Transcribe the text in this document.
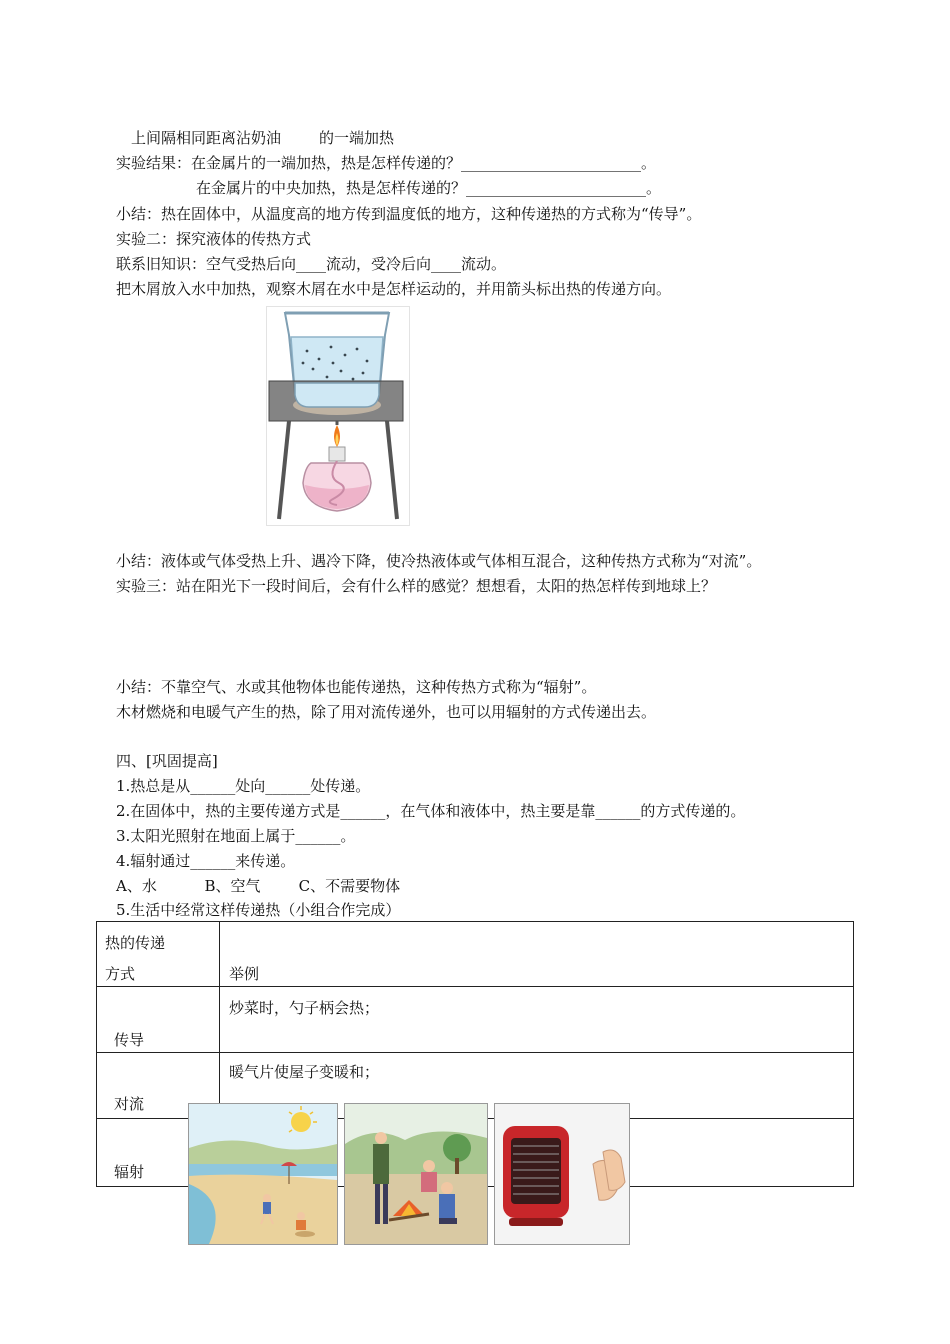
上间隔相同距离沾奶油	的一端加热
实验结果：在金属片的一端加热，热是怎样传递的？________________________。
在金属片的中央加热，热是怎样传递的？________________________。
小结：热在固体中，从温度高的地方传到温度低的地方，这种传递热的方式称为“传导”。
实验二：探究液体的传热方式
联系旧知识：空气受热后向____流动，受冷后向____流动。
把木屑放入水中加热，观察木屑在水中是怎样运动的，并用箭头标出热的传递方向。
小结：液体或气体受热上升、遇冷下降，使冷热液体或气体相互混合，这种传热方式称为“对流”。
实验三：站在阳光下一段时间后，会有什么样的感觉？想想看，太阳的热怎样传到地球上？
小结：不靠空气、水或其他物体也能传递热，这种传热方式称为“辐射”。
木材燃烧和电暖气产生的热，除了用对流传递外，也可以用辐射的方式传递出去。
四、[巩固提高]
1.热总是从______处向______处传递。
2.在固体中，热的主要传递方式是______，在气体和液体中，热主要是靠______的方式传递的。
3.太阳光照射在地面上属于______。
4.辐射通过______来传递。
A、水          B、空气        C、不需要物体
5.生活中经常这样传递热（小组合作完成）
热的传递
方式	举例

传导	炒菜时，勺子柄会热；

对流	暖气片使屋子变暖和；

辐射	
